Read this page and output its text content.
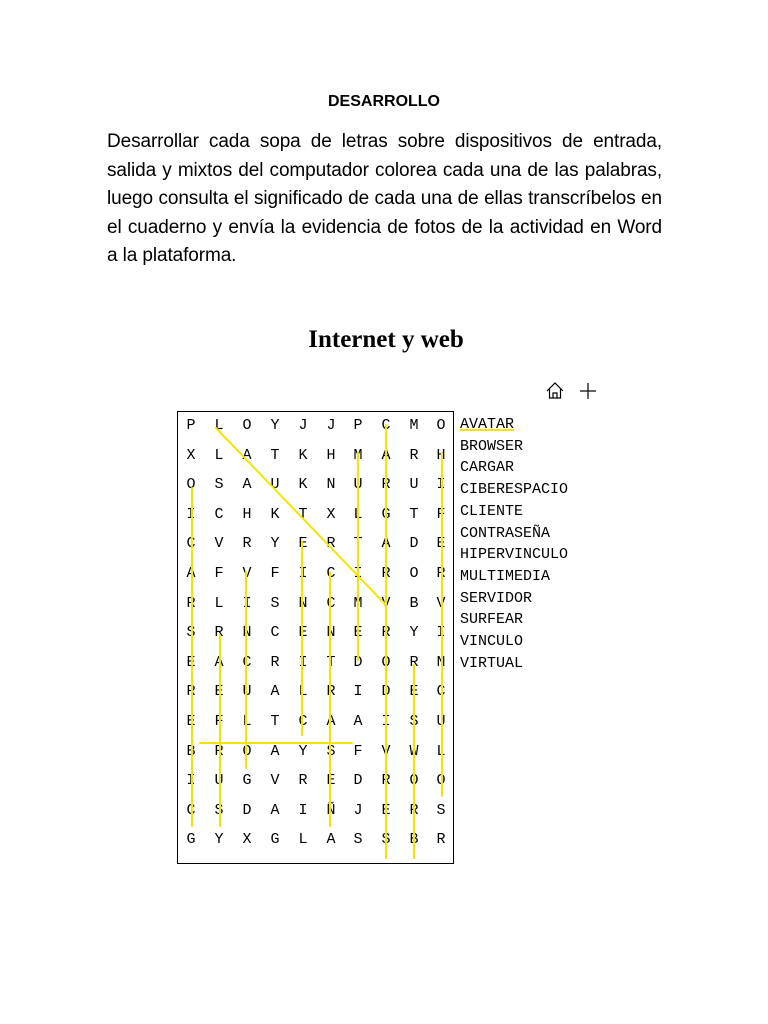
DESARROLLO

Desarrollar cada sopa de letras sobre dispositivos de entrada, salida y mixtos del computador colorea cada una de las palabras, luego consulta el significado de cada una de ellas transcríbelos en el cuaderno y envía la evidencia de fotos de la actividad en Word a la plataforma.

Internet y web
P	L	O	Y	J	J	P	C	M	O
X	L	A	T	K	H	M	A	R	H
O	S	A	U	K	N	U	R	U	I
I	C	H	K	T	X	L	G	T	F
C	V	R	Y	E	R	T	A	D	E
A	F	V	F	I	C	I	R	O	R
R	L	I	S	N	C	M	V	B	V
S	R	N	C	E	N	E	R	Y	I
E	A	C	R	I	T	D	O	R	N
R	E	U	A	L	R	I	D	E	C
E	F	L	T	C	A	A	I	S	U
B	R	O	A	Y	S	F	V	W	L
I	U	G	V	R	E	D	R	O	O
C	S	D	A	I	Ñ	J	E	R	S
G	Y	X	G	L	A	S	S	B	R
AVATAR
BROWSER
CARGAR
CIBERESPACIO
CLIENTE
CONTRASEÑA
HIPERVINCULO
MULTIMEDIA
SERVIDOR
SURFEAR
VINCULO
VIRTUAL
